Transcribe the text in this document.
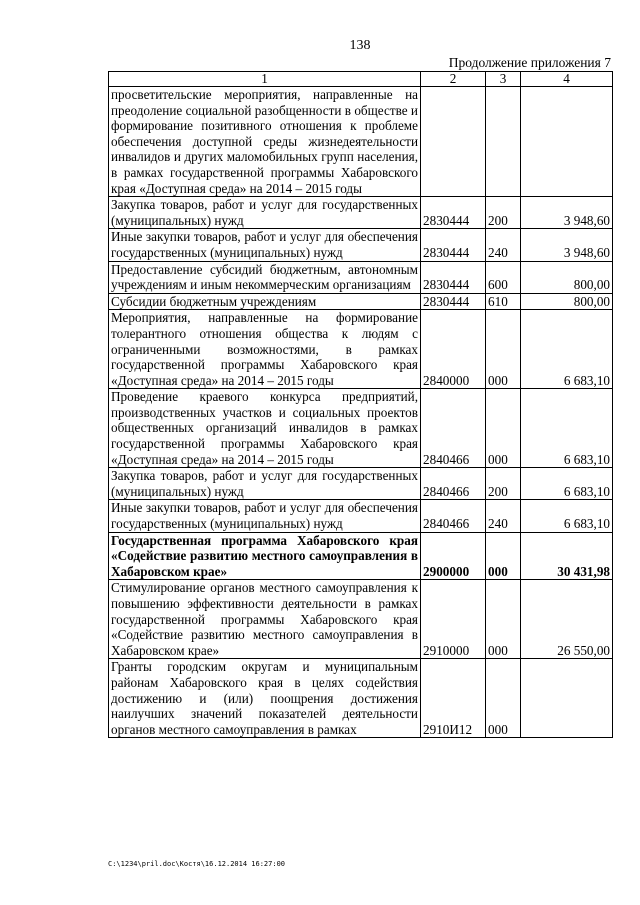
138
Продолжение приложения 7
1	2	3	4
просветительские мероприятия, направленные на преодоление социальной разобщенности в обществе и формирование позитивного отношения к проблеме обеспечения доступной среды жизнедеятельности инвалидов и других маломобильных групп населения, в рамках государственной программы Хабаровского края «Доступная среда» на 2014 – 2015 годы			
Закупка товаров, работ и услуг для государственных (муниципальных) нужд	2830444	200	3 948,60
Иные закупки товаров, работ и услуг для обеспечения государственных (муниципальных) нужд	2830444	240	3 948,60
Предоставление субсидий бюджетным, автономным учреждениям и иным некоммерческим организациям	2830444	600	800,00
Субсидии бюджетным учреждениям	2830444	610	800,00
Мероприятия, направленные на формирование толерантного отношения общества к людям с ограниченными возможностями, в рамках государственной программы Хабаровского края «Доступная среда» на 2014 – 2015 годы	2840000	000	6 683,10
Проведение краевого конкурса предприятий, производственных участков и социальных проектов общественных организаций инвалидов в рамках государственной программы Хабаровского края «Доступная среда» на 2014 – 2015 годы	2840466	000	6 683,10
Закупка товаров, работ и услуг для государственных (муниципальных) нужд	2840466	200	6 683,10
Иные закупки товаров, работ и услуг для обеспечения государственных (муниципальных) нужд	2840466	240	6 683,10
Государственная программа Хабаровского края «Содействие развитию местного самоуправления в Хабаровском крае»	2900000	000	30 431,98
Стимулирование органов местного самоуправления к повышению эффективности деятельности в рамках государственной программы Хабаровского края «Содействие развитию местного самоуправления в Хабаровском крае»	2910000	000	26 550,00
Гранты городским округам и муниципальным районам Хабаровского края в целях содействия достижению и (или) поощрения достижения наилучших значений показателей деятельности органов местного самоуправления в рамках	2910И12	000	
C:\1234\pril.doc\Костя\16.12.2014 16:27:00
